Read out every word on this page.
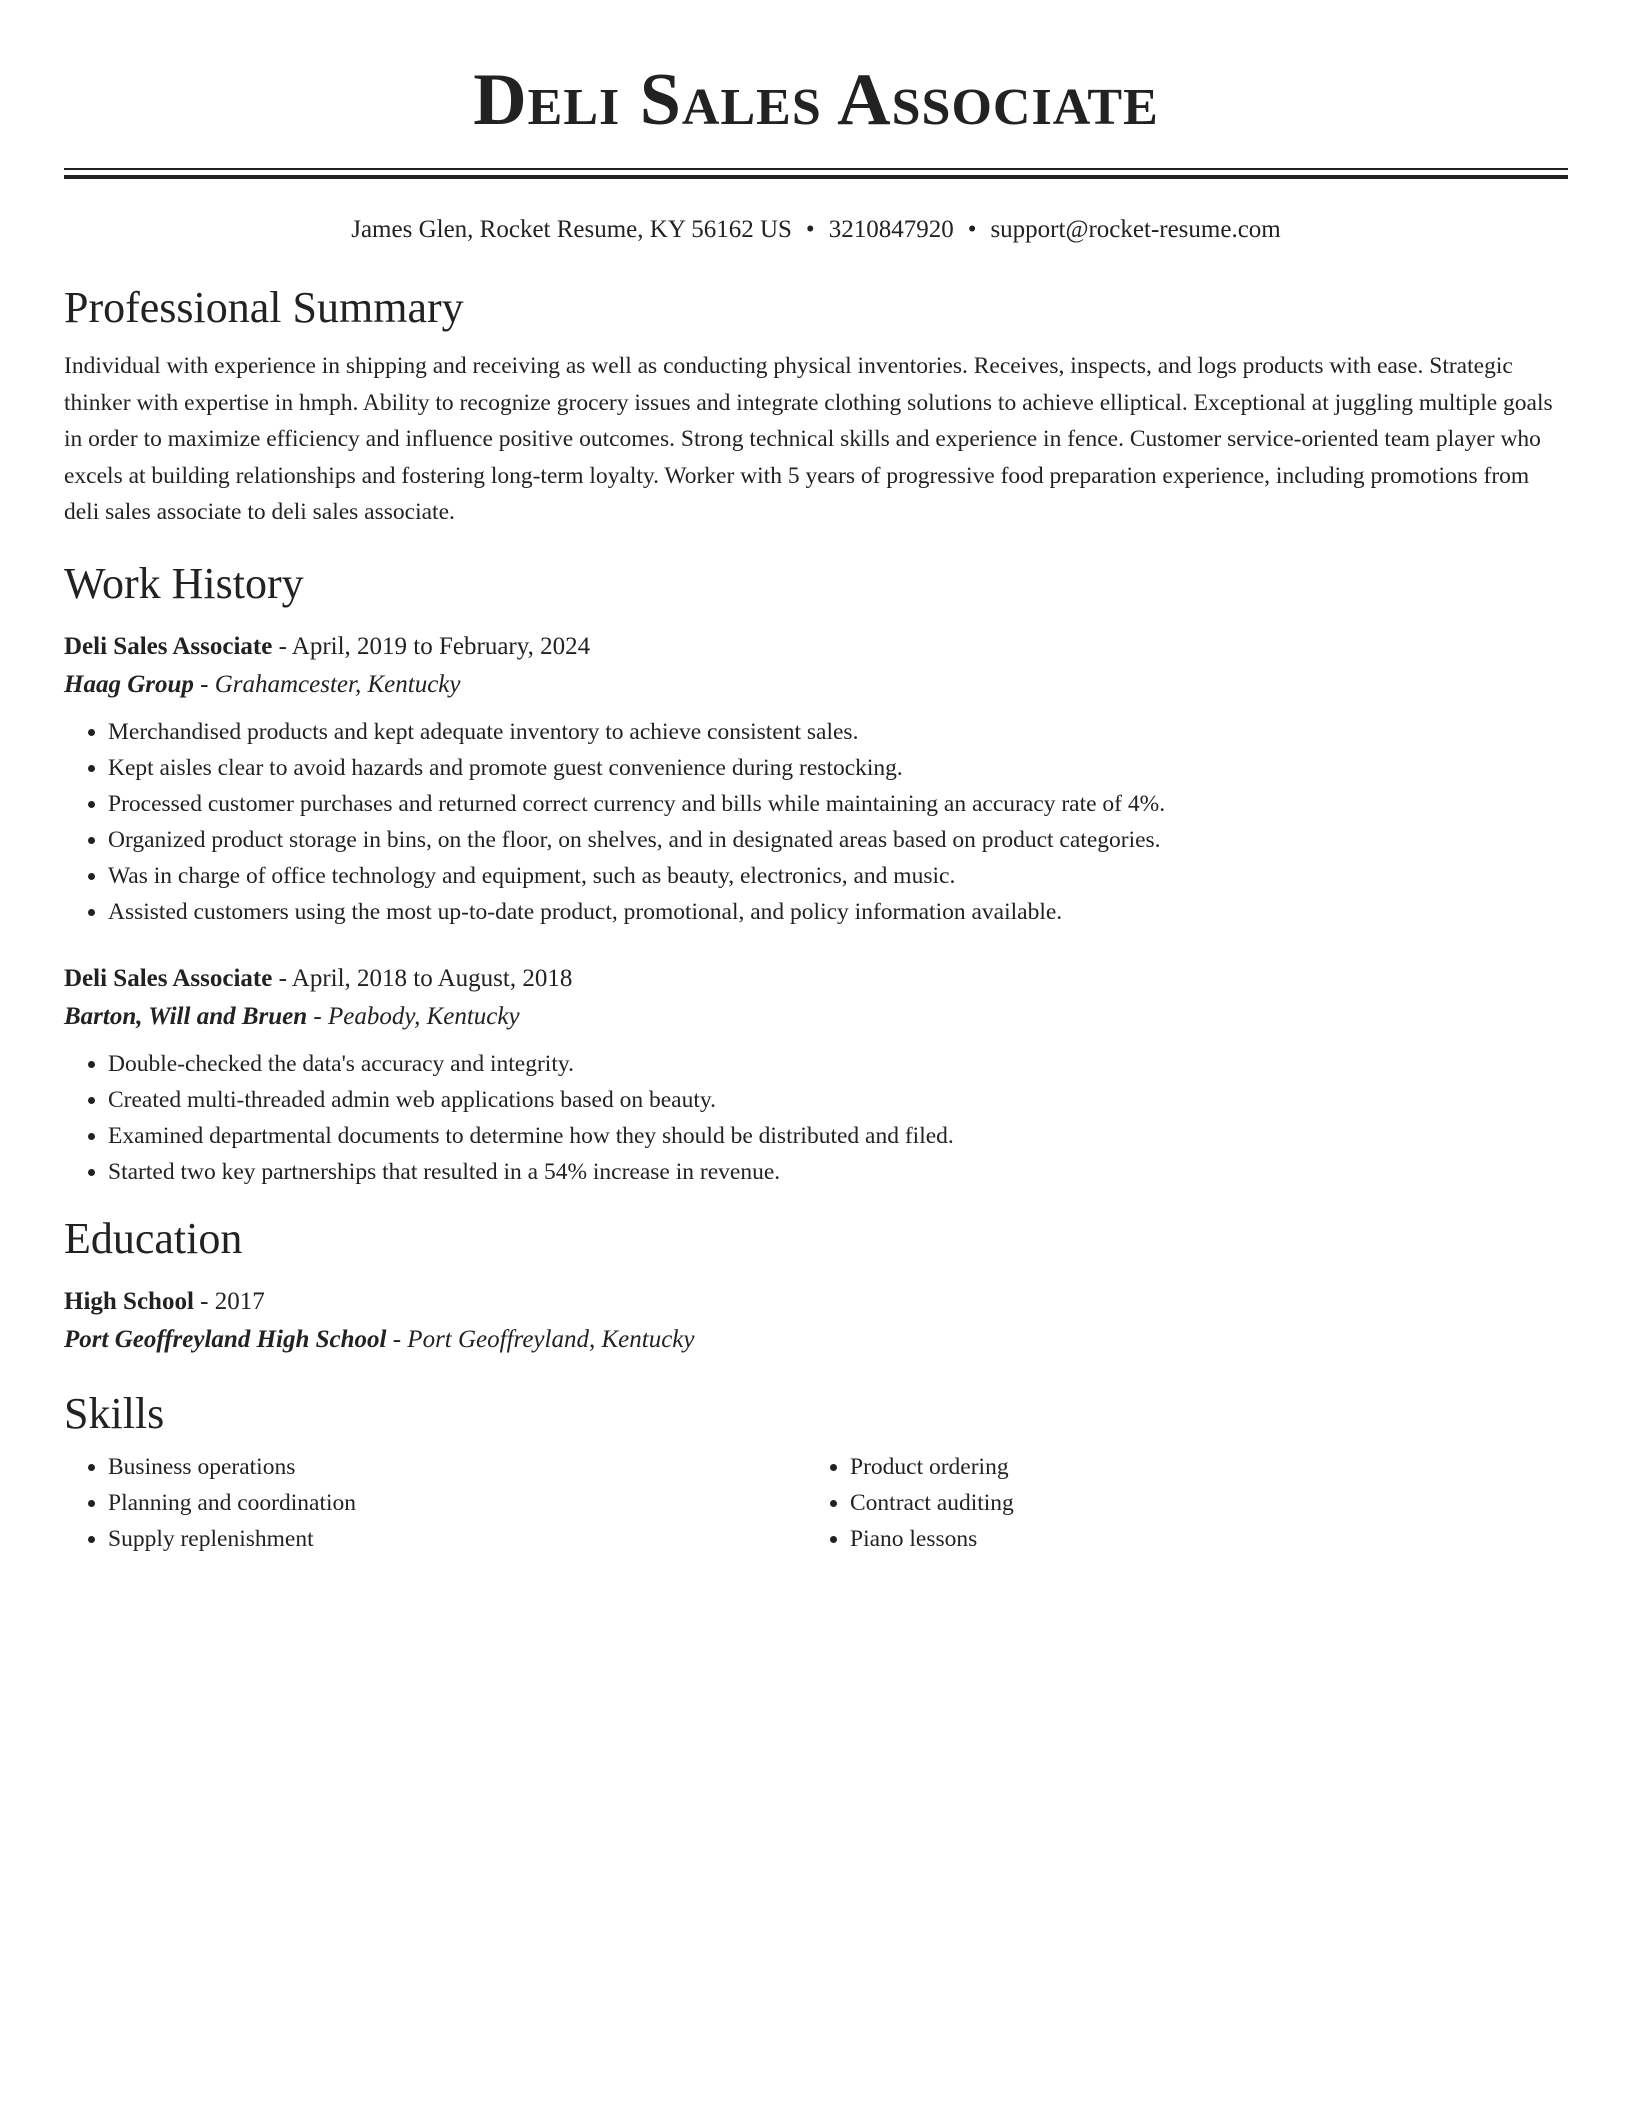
Deli Sales Associate
James Glen, Rocket Resume, KY 56162 US • 3210847920 • support@rocket-resume.com
Professional Summary
Individual with experience in shipping and receiving as well as conducting physical inventories. Receives, inspects, and logs products with ease. Strategic thinker with expertise in hmph. Ability to recognize grocery issues and integrate clothing solutions to achieve elliptical. Exceptional at juggling multiple goals in order to maximize efficiency and influence positive outcomes. Strong technical skills and experience in fence. Customer service-oriented team player who excels at building relationships and fostering long-term loyalty. Worker with 5 years of progressive food preparation experience, including promotions from deli sales associate to deli sales associate.
Work History
Deli Sales Associate - April, 2019 to February, 2024
Haag Group - Grahamcester, Kentucky
• Merchandised products and kept adequate inventory to achieve consistent sales.
• Kept aisles clear to avoid hazards and promote guest convenience during restocking.
• Processed customer purchases and returned correct currency and bills while maintaining an accuracy rate of 4%.
• Organized product storage in bins, on the floor, on shelves, and in designated areas based on product categories.
• Was in charge of office technology and equipment, such as beauty, electronics, and music.
• Assisted customers using the most up-to-date product, promotional, and policy information available.
Deli Sales Associate - April, 2018 to August, 2018
Barton, Will and Bruen - Peabody, Kentucky
• Double-checked the data's accuracy and integrity.
• Created multi-threaded admin web applications based on beauty.
• Examined departmental documents to determine how they should be distributed and filed.
• Started two key partnerships that resulted in a 54% increase in revenue.
Education
High School - 2017
Port Geoffreyland High School - Port Geoffreyland, Kentucky
Skills
• Business operations
• Planning and coordination
• Supply replenishment
• Product ordering
• Contract auditing
• Piano lessons
